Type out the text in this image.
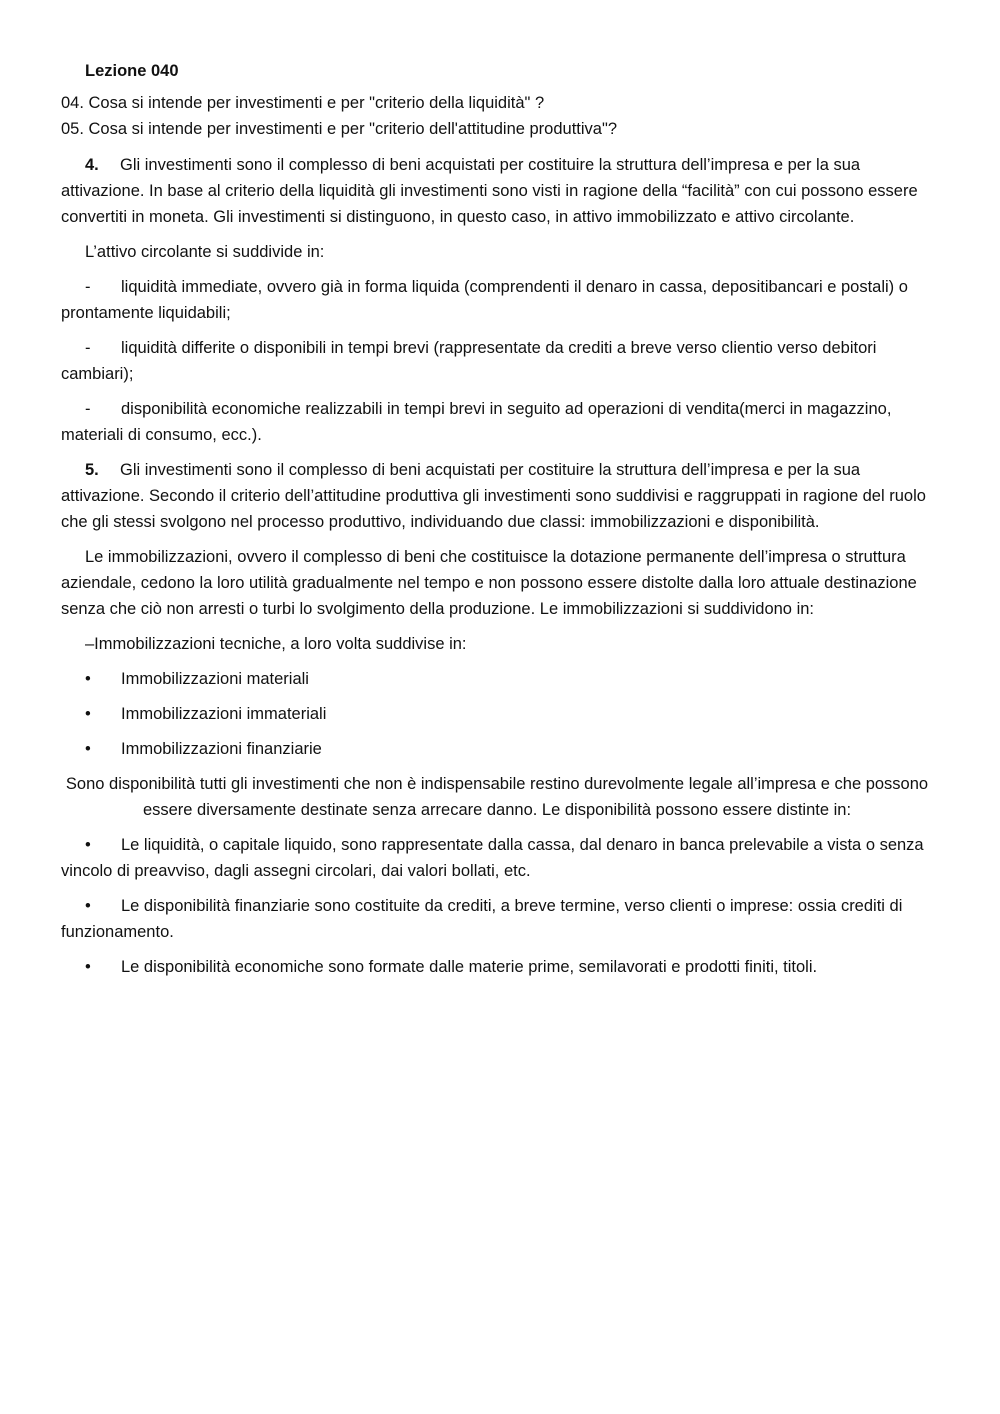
Lezione 040

04. Cosa si intende per investimenti e per "criterio della liquidità" ?

05. Cosa si intende per investimenti e per "criterio dell'attitudine produttiva"?

4. Gli investimenti sono il complesso di beni acquistati per costituire la struttura dell’impresa e per la sua attivazione. In base al criterio della liquidità gli investimenti sono visti in ragione della “facilità” con cui possono essere convertiti in moneta. Gli investimenti si distinguono, in questo caso, in attivo immobilizzato e attivo circolante.

L’attivo circolante si suddivide in:

- liquidità immediate, ovvero già in forma liquida (comprendenti il denaro in cassa, depositibancari e postali) o prontamente liquidabili;

- liquidità differite o disponibili in tempi brevi (rappresentate da crediti a breve verso clientio verso debitori cambiari);

- disponibilità economiche realizzabili in tempi brevi in seguito ad operazioni di vendita(merci in magazzino, materiali di consumo, ecc.).

5. Gli investimenti sono il complesso di beni acquistati per costituire la struttura dell’impresa e per la sua attivazione. Secondo il criterio dell’attitudine produttiva gli investimenti sono suddivisi e raggruppati in ragione del ruolo che gli stessi svolgono nel processo produttivo, individuando due classi: immobilizzazioni e disponibilità.

Le immobilizzazioni, ovvero il complesso di beni che costituisce la dotazione permanente dell’impresa o struttura aziendale, cedono la loro utilità gradualmente nel tempo e non possono essere distolte dalla loro attuale destinazione senza che ciò non arresti o turbi lo svolgimento della produzione. Le immobilizzazioni si suddividono in:

–Immobilizzazioni tecniche, a loro volta suddivise in:

• Immobilizzazioni materiali

• Immobilizzazioni immateriali

• Immobilizzazioni finanziarie

Sono disponibilità tutti gli investimenti che non è indispensabile restino durevolmente legale all’impresa e che possono essere diversamente destinate senza arrecare danno. Le disponibilità possono essere distinte in:

• Le liquidità, o capitale liquido, sono rappresentate dalla cassa, dal denaro in banca prelevabile a vista o senza vincolo di preavviso, dagli assegni circolari, dai valori bollati, etc.

• Le disponibilità finanziarie sono costituite da crediti, a breve termine, verso clienti o imprese: ossia crediti di funzionamento.

• Le disponibilità economiche sono formate dalle materie prime, semilavorati e prodotti finiti, titoli.
